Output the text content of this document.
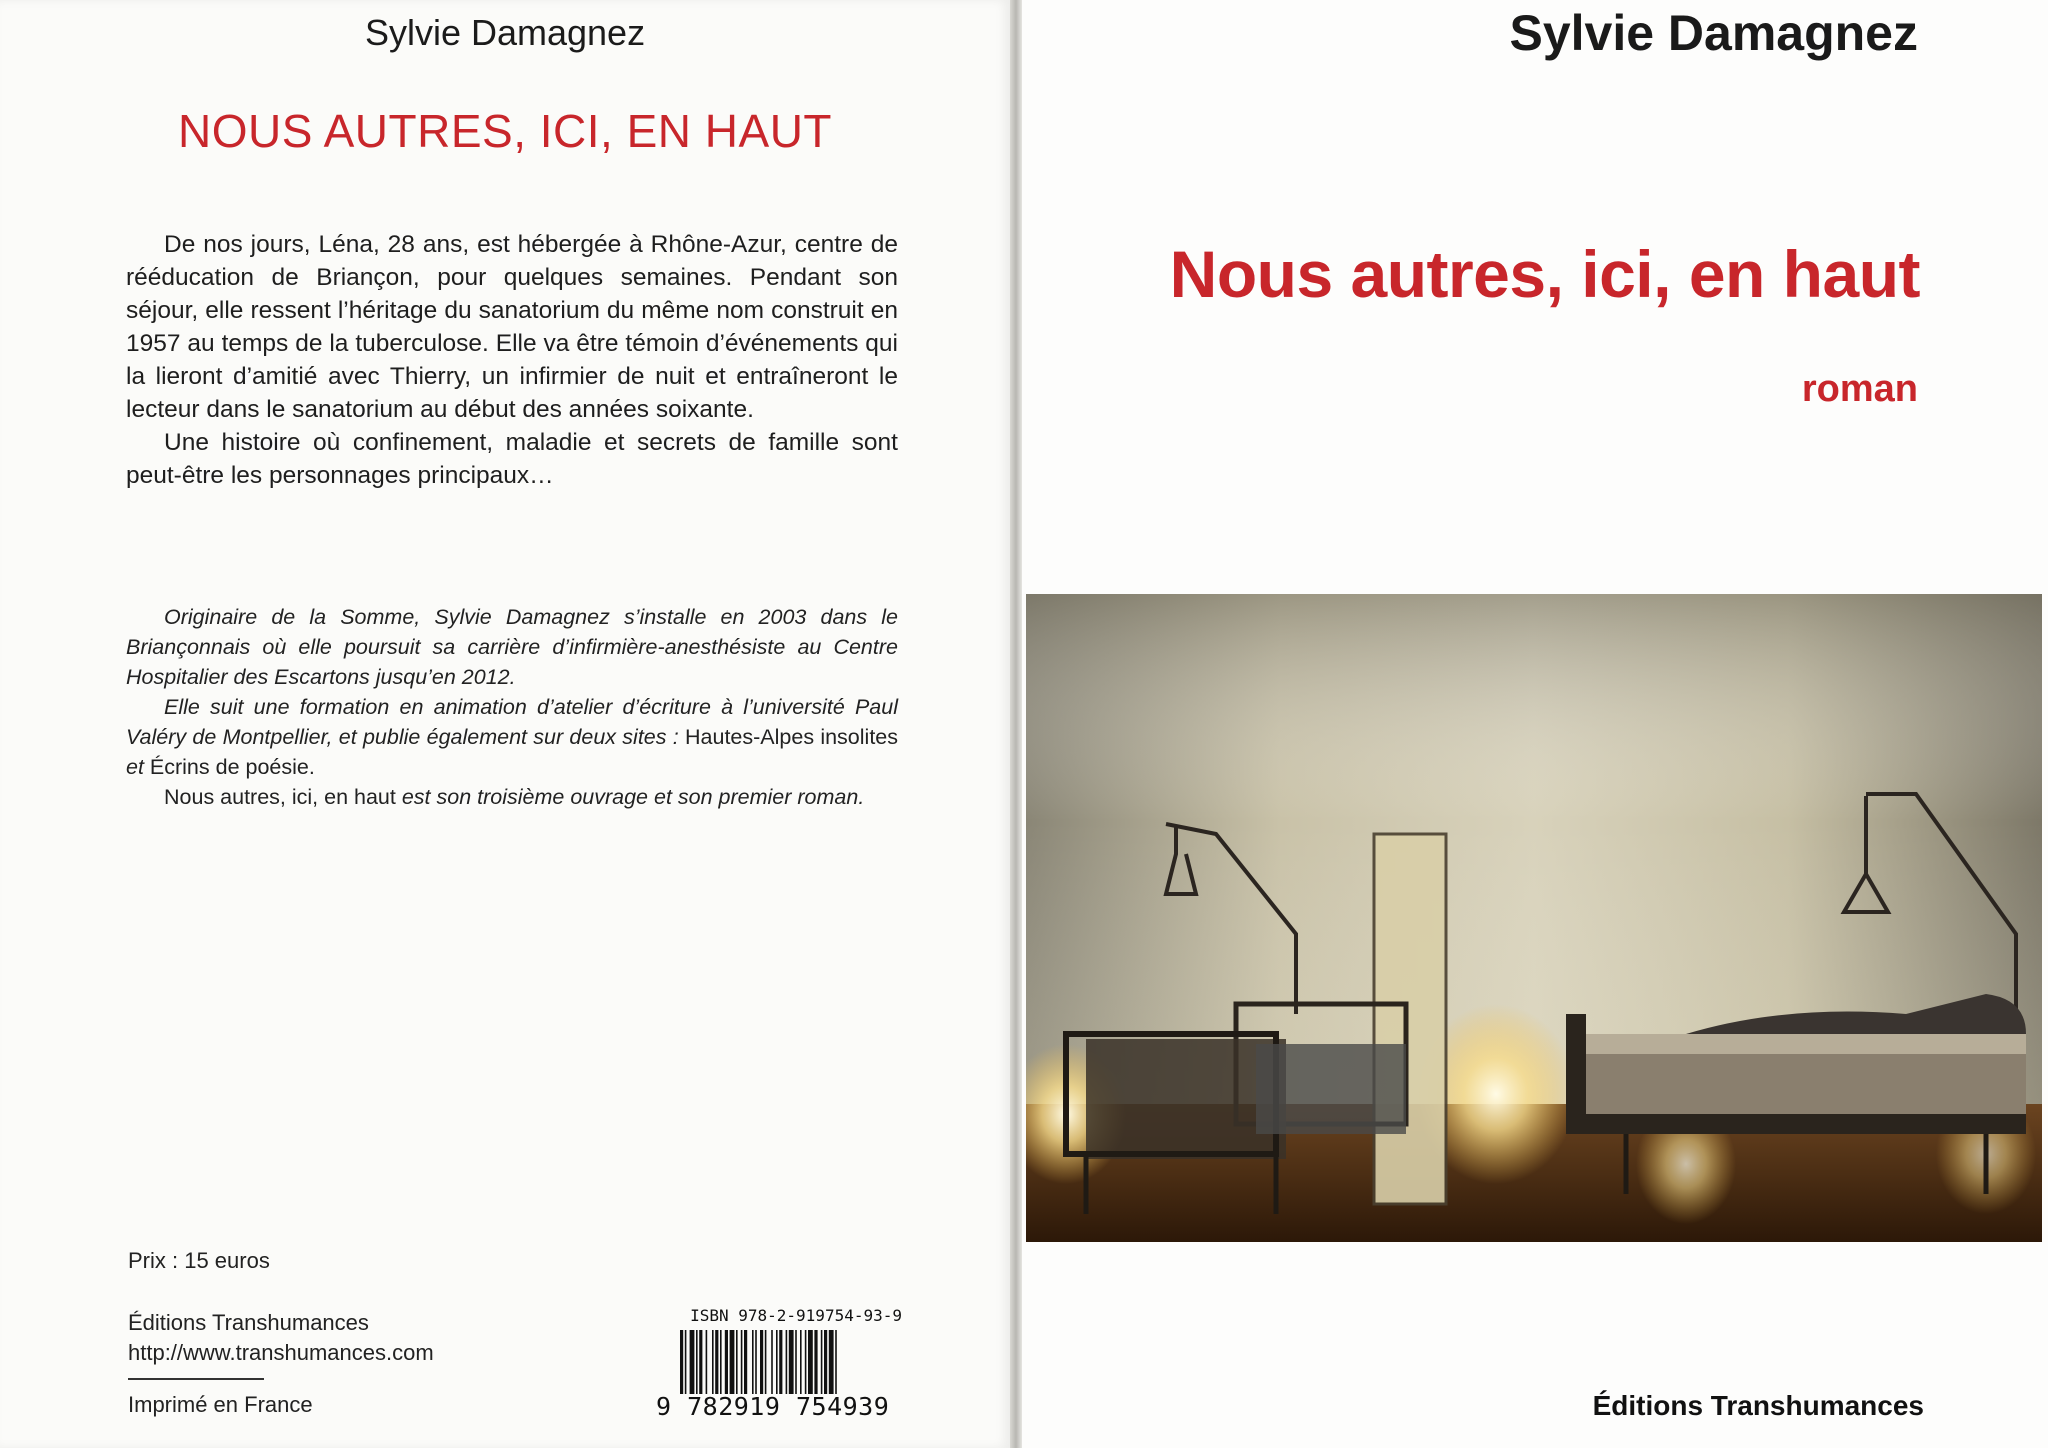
Sylvie Damagnez
NOUS AUTRES, ICI, EN HAUT

De nos jours, Léna, 28 ans, est hébergée à Rhône-Azur, centre de rééducation de Briançon, pour quelques semaines. Pendant son séjour, elle ressent l’héritage du sanatorium du même nom construit en 1957 au temps de la tuberculose. Elle va être témoin d’événements qui la lieront d’amitié avec Thierry, un infirmier de nuit et entraîneront le lecteur dans le sanatorium au début des années soixante.

Une histoire où confinement, maladie et secrets de famille sont peut-être les personnages principaux…

Originaire de la Somme, Sylvie Damagnez s’installe en 2003 dans le Briançonnais où elle poursuit sa carrière d’infirmière-anesthésiste au Centre Hospitalier des Escartons jusqu’en 2012.

Elle suit une formation en animation d’atelier d’écriture à l’université Paul Valéry de Montpellier, et publie également sur deux sites : Hautes-Alpes insolites et Écrins de poésie.

Nous autres, ici, en haut est son troisième ouvrage et son premier roman.

Prix : 15 euros
Éditions Transhumances
http://www.transhumances.com
Imprimé en France
ISBN 978-2-919754-93-9
9 782919 754939
Sylvie Damagnez
Nous autres, ici, en haut
roman
Éditions Transhumances
